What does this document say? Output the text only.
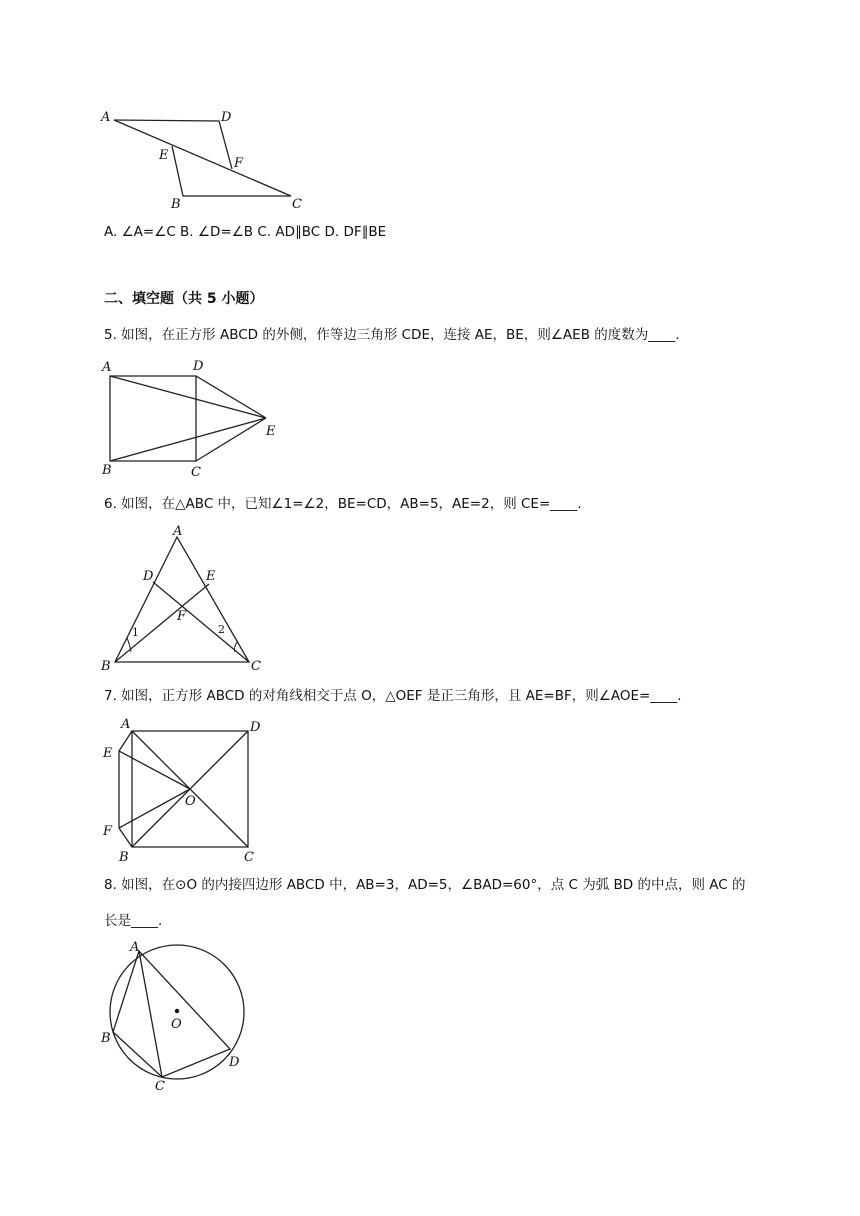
A	D
E
F
B	C
A. ∠A=∠C B. ∠D=∠B C. AD∥BC D. DF∥BE
二、填空题（共 5 小题）
5. 如图，在正方形 ABCD 的外侧，作等边三角形 CDE，连接 AE，BE，则∠AEB 的度数为____.
A	D
E
B	C
6. 如图，在△ABC 中，已知∠1=∠2，BE=CD，AB=5，AE=2，则 CE=____.
A
D	E
F
1	2
B	C
7. 如图，正方形 ABCD 的对角线相交于点 O，△OEF 是正三角形，且 AE=BF，则∠AOE=____.
A	D
E
O
F
B	C
8. 如图，在⊙O 的内接四边形 ABCD 中，AB=3，AD=5，∠BAD=60°，点 C 为弧 BD 的中点，则 AC 的
长是____.
A
O
B
D
C
